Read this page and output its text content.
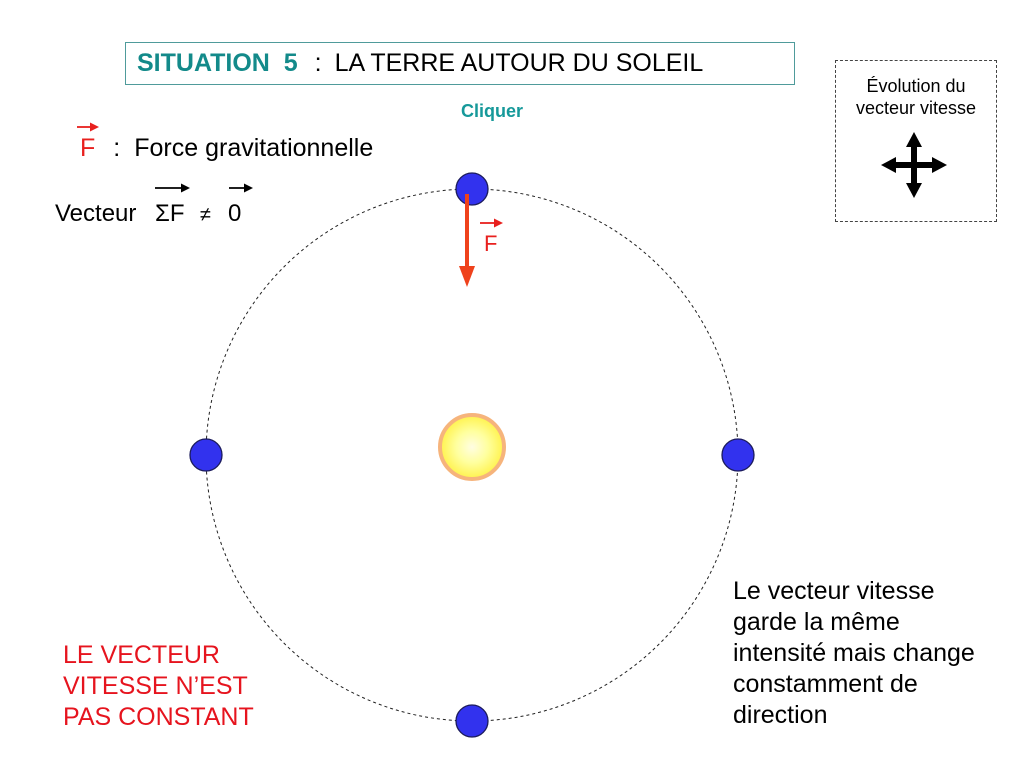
SITUATION  5 : LA TERRE AUTOUR DU SOLEIL
Cliquer
Évolution du
vecteur vitesse
F : Force gravitationnelle
Vecteur ΣF ≠ 0
F
LE VECTEUR
VITESSE N’EST
PAS CONSTANT
Le vecteur vitesse
garde la même
intensité mais change
constamment de
direction
